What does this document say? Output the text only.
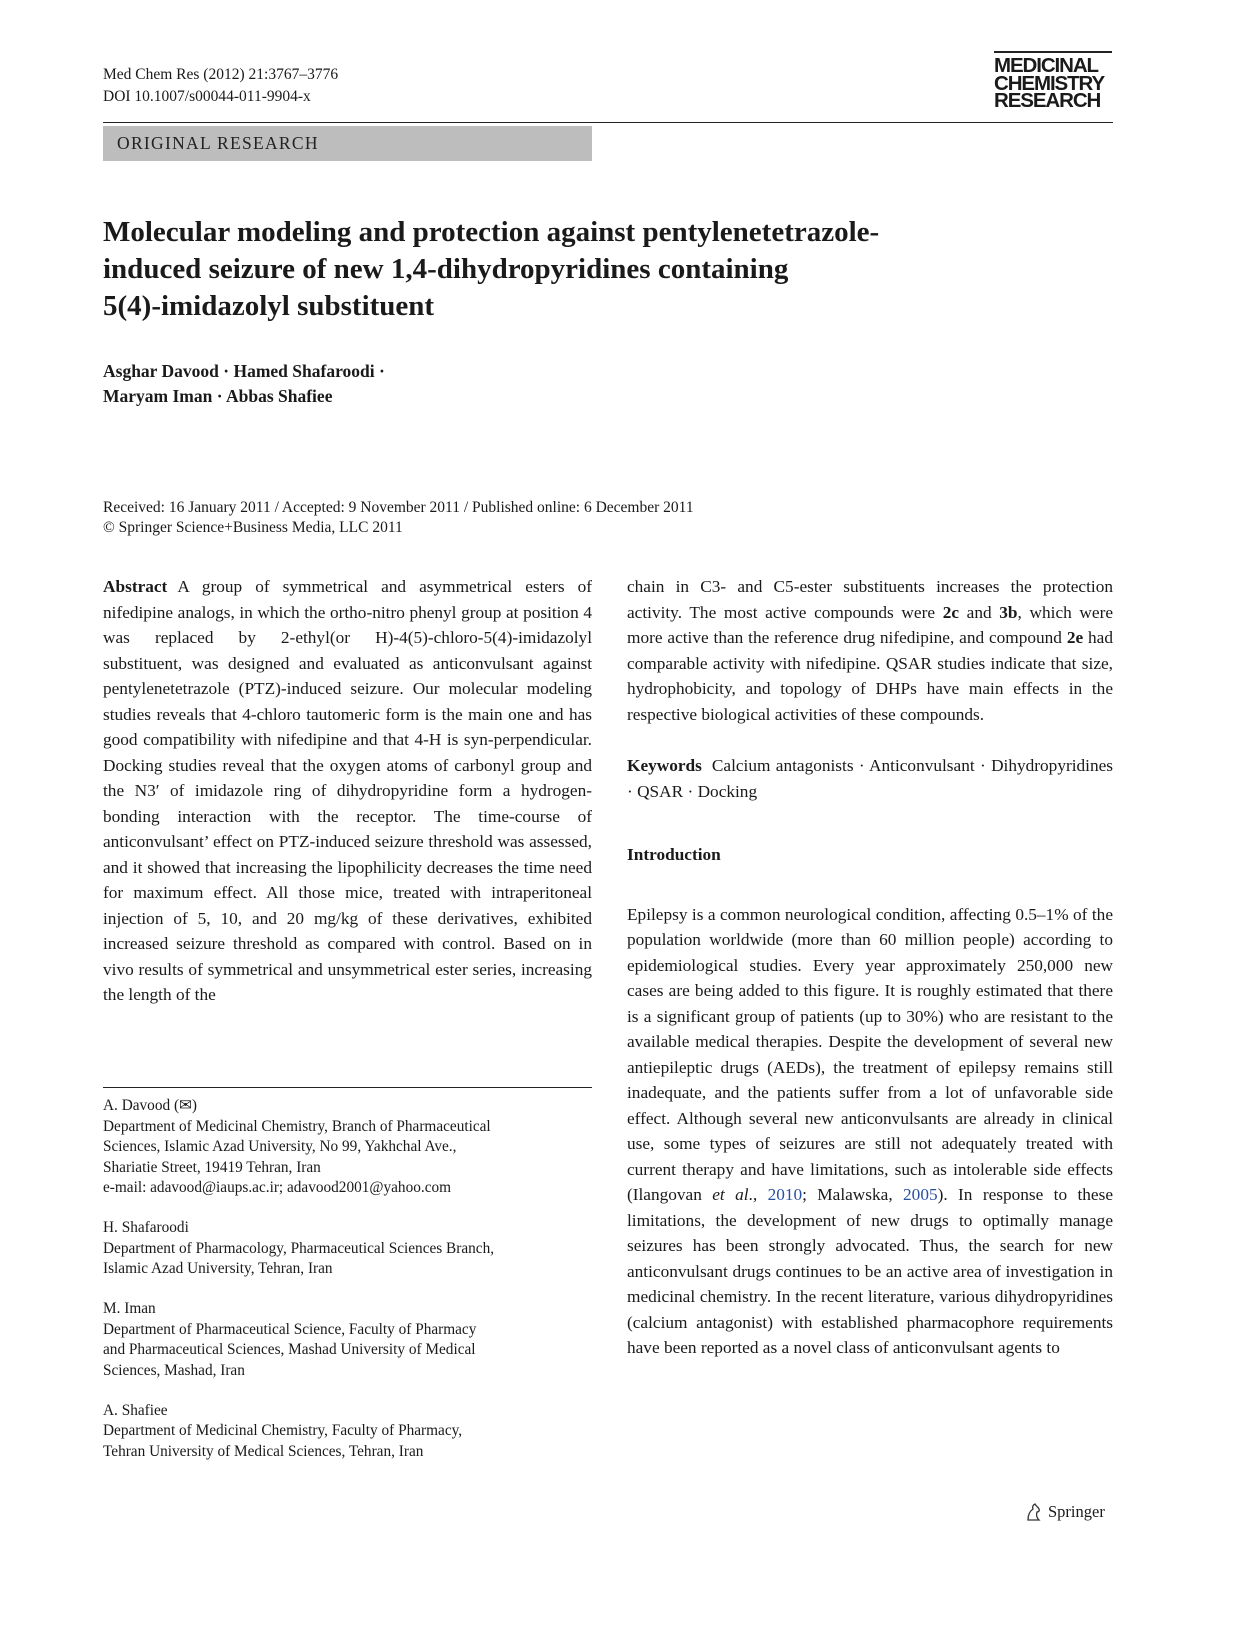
Med Chem Res (2012) 21:3767–3776
DOI 10.1007/s00044-011-9904-x
MEDICINAL
CHEMISTRY
RESEARCH
ORIGINAL RESEARCH
Molecular modeling and protection against pentylenetetrazole-
induced seizure of new 1,4-dihydropyridines containing
5(4)-imidazolyl substituent
Asghar Davood · Hamed Shafaroodi ·
Maryam Iman · Abbas Shafiee
Received: 16 January 2011 / Accepted: 9 November 2011 / Published online: 6 December 2011
© Springer Science+Business Media, LLC 2011

Abstract A group of symmetrical and asymmetrical esters of nifedipine analogs, in which the ortho-nitro phenyl group at position 4 was replaced by 2-ethyl(or H)-4(5)-chloro-5(4)-imidazolyl substituent, was designed and evaluated as anticonvulsant against pentylenetetrazole (PTZ)-induced seizure. Our molecular modeling studies reveals that 4-chloro tautomeric form is the main one and has good compatibility with nifedipine and that 4-H is syn-perpendicular. Docking studies reveal that the oxygen atoms of carbonyl group and the N3′ of imidazole ring of dihydropyridine form a hydrogen-bonding interaction with the receptor. The time-course of anticonvulsant’ effect on PTZ-induced seizure threshold was assessed, and it showed that increasing the lipophilicity decreases the time need for maximum effect. All those mice, treated with intraperitoneal injection of 5, 10, and 20 mg/kg of these derivatives, exhibited increased seizure threshold as compared with control. Based on in vivo results of symmetrical and unsymmetrical ester series, increasing the length of the

chain in C3- and C5-ester substituents increases the protection activity. The most active compounds were 2c and 3b, which were more active than the reference drug nifedipine, and compound 2e had comparable activity with nifedipine. QSAR studies indicate that size, hydrophobicity, and topology of DHPs have main effects in the respective biological activities of these compounds.

Keywords Calcium antagonists · Anticonvulsant · Dihydropyridines · QSAR · Docking

Introduction

Epilepsy is a common neurological condition, affecting 0.5–1% of the population worldwide (more than 60 million people) according to epidemiological studies. Every year approximately 250,000 new cases are being added to this figure. It is roughly estimated that there is a significant group of patients (up to 30%) who are resistant to the available medical therapies. Despite the development of several new antiepileptic drugs (AEDs), the treatment of epilepsy remains still inadequate, and the patients suffer from a lot of unfavorable side effect. Although several new anticonvulsants are already in clinical use, some types of seizures are still not adequately treated with current therapy and have limitations, such as intolerable side effects (Ilangovan et al., 2010; Malawska, 2005). In response to these limitations, the development of new drugs to optimally manage seizures has been strongly advocated. Thus, the search for new anticonvulsant drugs continues to be an active area of investigation in medicinal chemistry. In the recent literature, various dihydropyridines (calcium antagonist) with established pharmacophore requirements have been reported as a novel class of anticonvulsant agents to

A. Davood (✉)
Department of Medicinal Chemistry, Branch of Pharmaceutical
Sciences, Islamic Azad University, No 99, Yakhchal Ave.,
Shariatie Street, 19419 Tehran, Iran
e-mail: adavood@iaups.ac.ir; adavood2001@yahoo.com
H. Shafaroodi
Department of Pharmacology, Pharmaceutical Sciences Branch,
Islamic Azad University, Tehran, Iran
M. Iman
Department of Pharmaceutical Science, Faculty of Pharmacy
and Pharmaceutical Sciences, Mashad University of Medical
Sciences, Mashad, Iran
A. Shafiee
Department of Medicinal Chemistry, Faculty of Pharmacy,
Tehran University of Medical Sciences, Tehran, Iran
Springer
